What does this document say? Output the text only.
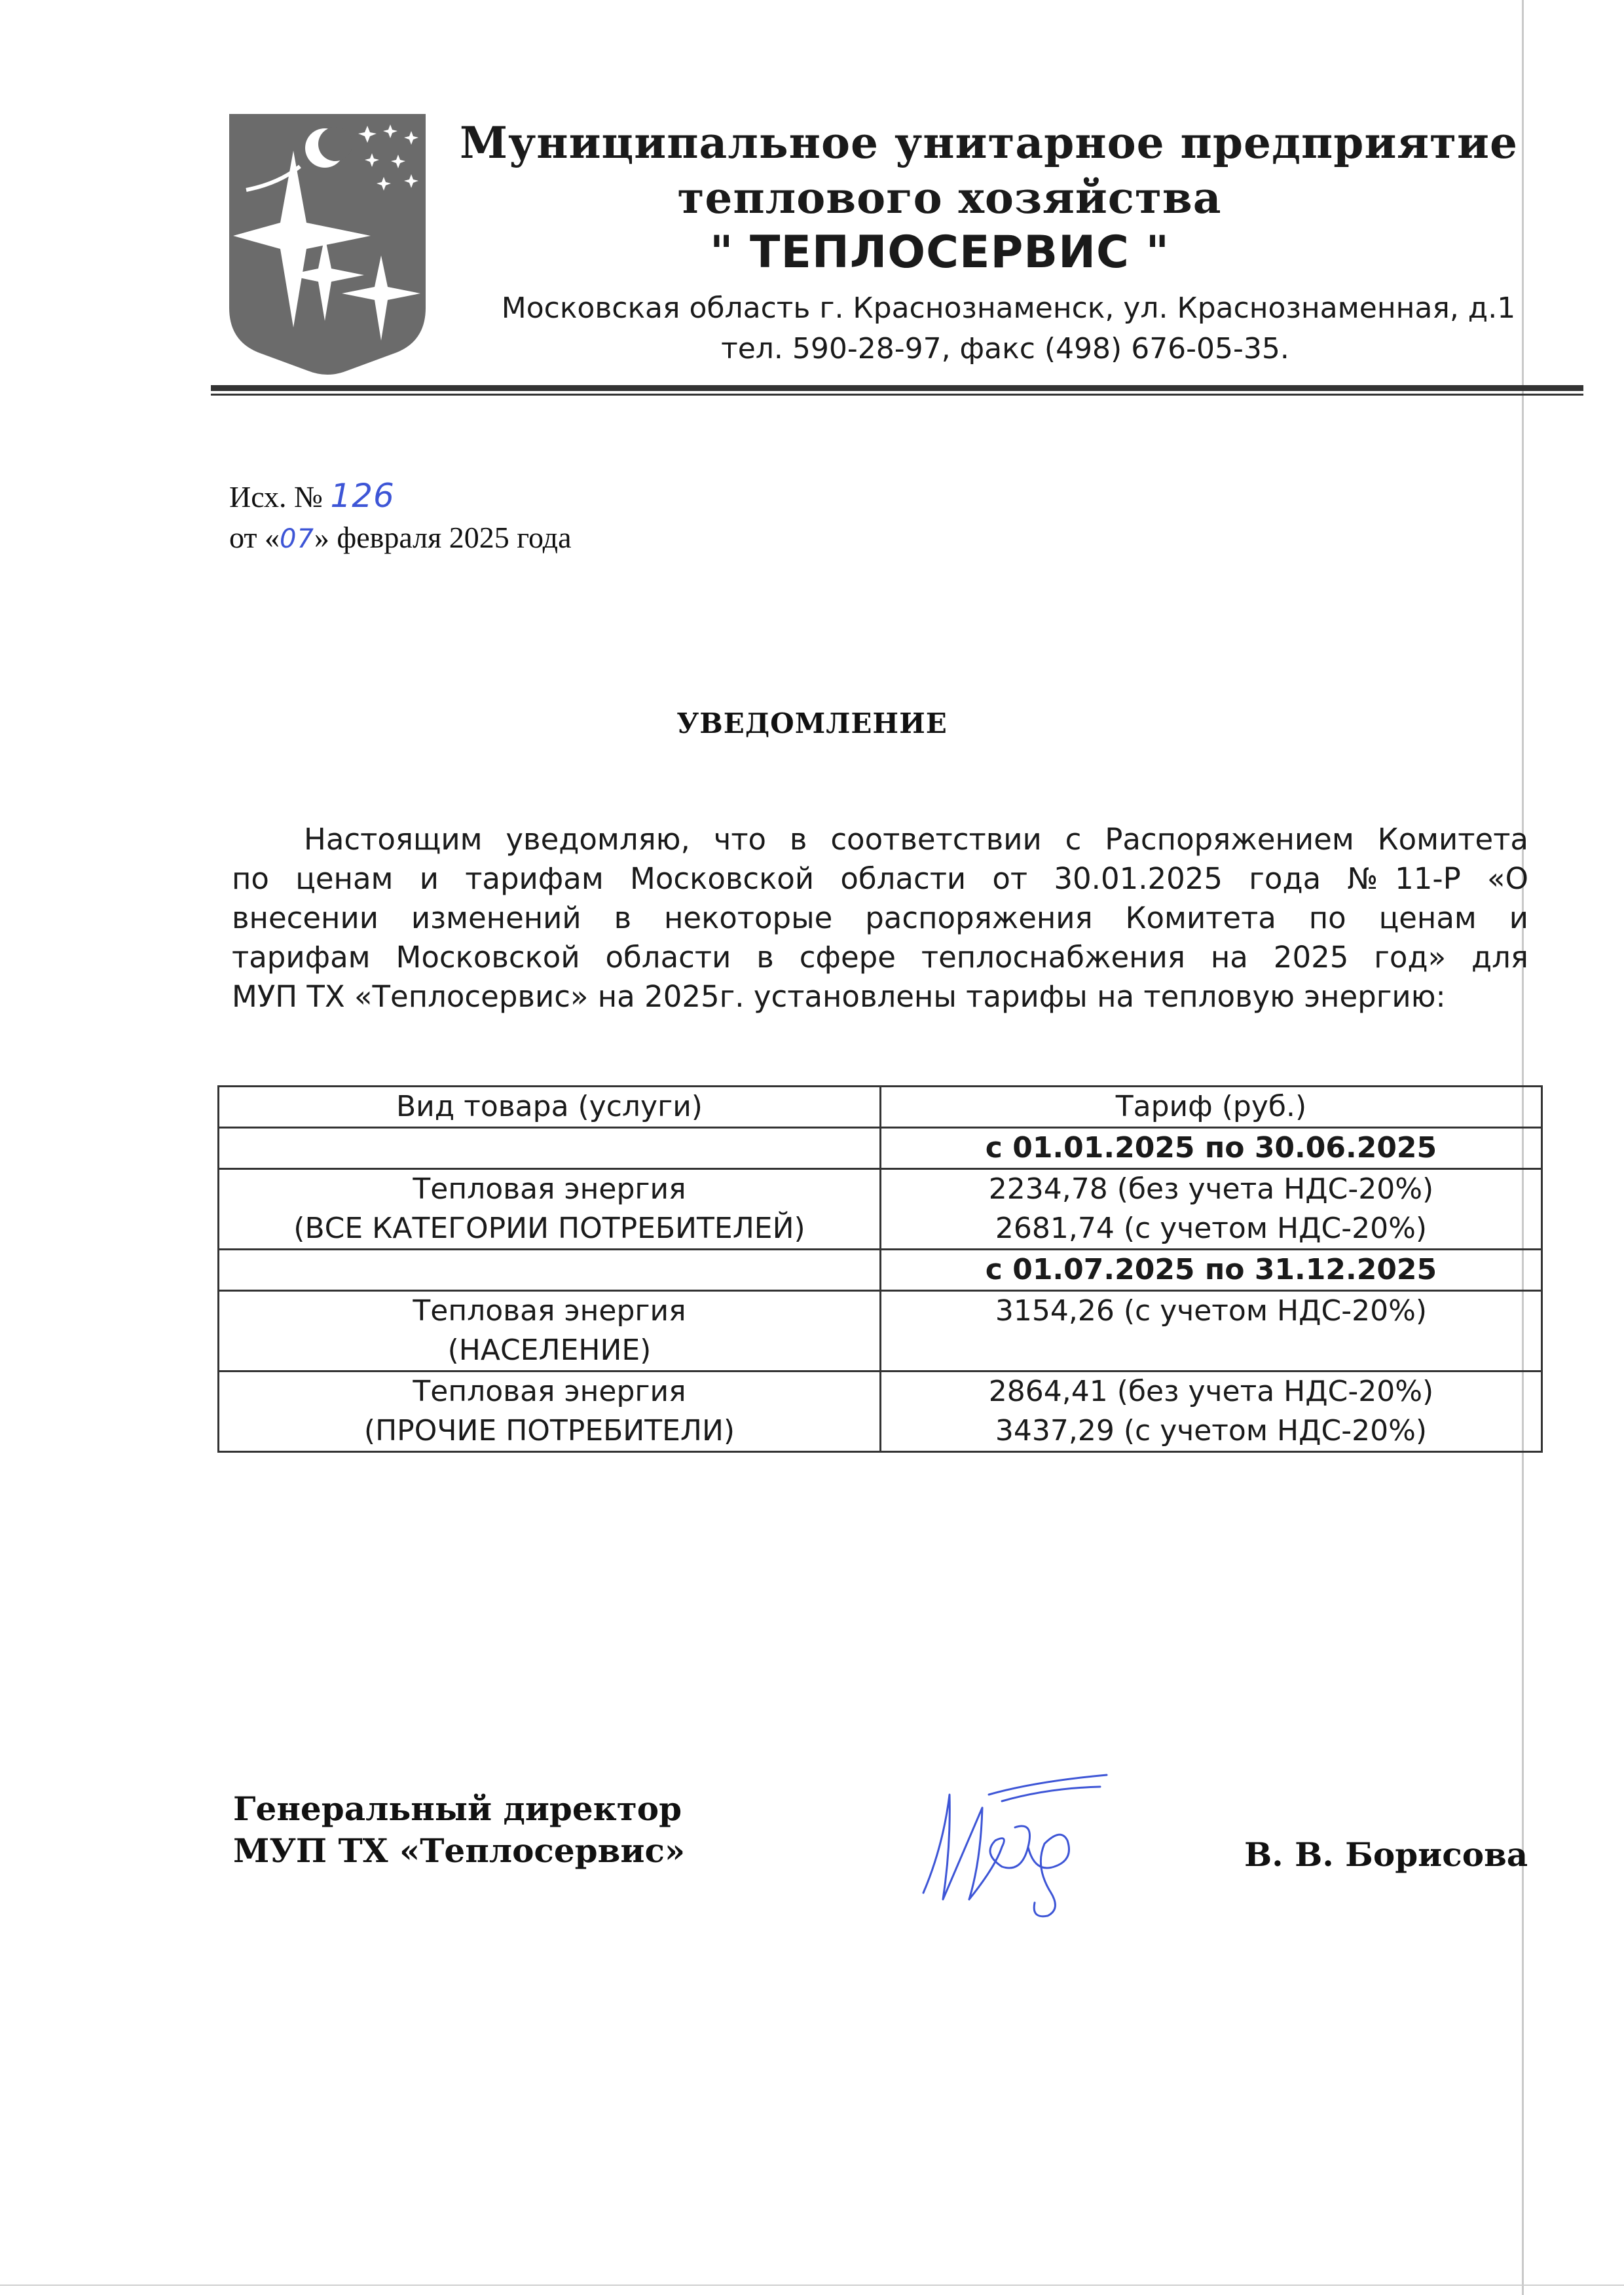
Муниципальное унитарное предприятие
теплового хозяйства
" ТЕПЛОСЕРВИС "
Московская область г. Краснознаменск, ул. Краснознаменная, д.1
тел. 590-28-97, факс (498) 676-05-35.
Исх. № 126
от «07» февраля 2025 года
УВЕДОМЛЕНИЕ
Настоящим уведомляю, что в соответствии с Распоряжением Комитета
по ценам и тарифам Московской области от 30.01.2025 года №11-Р «О
внесении изменений в некоторые распоряжения Комитета по ценам и
тарифам Московской области в сфере теплоснабжения на 2025 год» для
МУП ТХ «Теплосервис» на 2025г. установлены тарифы на тепловую энергию:
Вид товара (услуги)	Тариф (руб.)
	с 01.01.2025 по 30.06.2025

Тепловая энергия
(ВСЕ КАТЕГОРИИ ПОТРЕБИТЕЛЕЙ)	2234,78 (без учета НДС-20%)
2681,74 (с учетом НДС-20%)

	с 01.07.2025 по 31.12.2025

Тепловая энергия
(НАСЕЛЕНИЕ)	3154,26 (с учетом НДС-20%)

Тепловая энергия
(ПРОЧИЕ ПОТРЕБИТЕЛИ)	2864,41 (без учета НДС-20%)
3437,29 (с учетом НДС-20%)
Генеральный директор
МУП ТХ «Теплосервис»	В. В. Борисова
